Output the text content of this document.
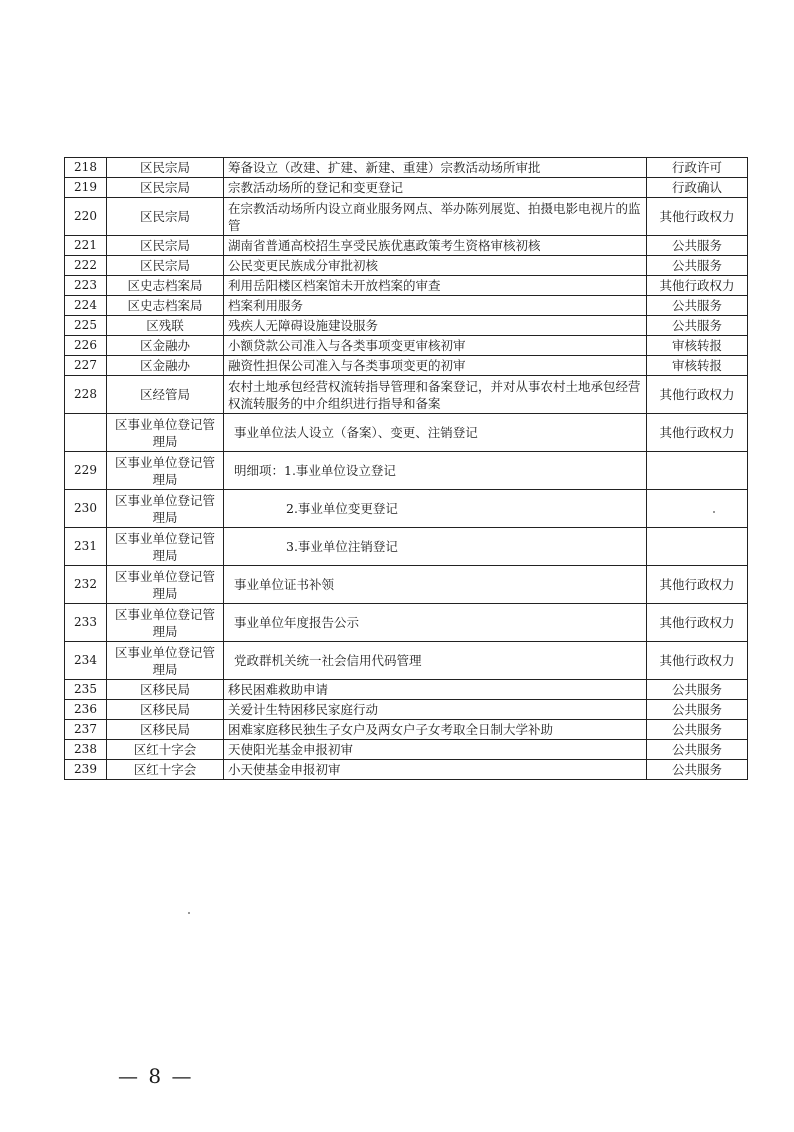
218	区民宗局	筹备设立（改建、扩建、新建、重建）宗教活动场所审批	行政许可
219	区民宗局	宗教活动场所的登记和变更登记	行政确认
220	区民宗局	在宗教活动场所内设立商业服务网点、举办陈列展览、拍摄电影电视片的监管	其他行政权力
221	区民宗局	湖南省普通高校招生享受民族优惠政策考生资格审核初核	公共服务
222	区民宗局	公民变更民族成分审批初核	公共服务
223	区史志档案局	利用岳阳楼区档案馆未开放档案的审查	其他行政权力
224	区史志档案局	档案利用服务	公共服务
225	区残联	残疾人无障碍设施建设服务	公共服务
226	区金融办	小额贷款公司准入与各类事项变更审核初审	审核转报
227	区金融办	融资性担保公司准入与各类事项变更的初审	审核转报
228	区经管局	农村土地承包经营权流转指导管理和备案登记，并对从事农村土地承包经营权流转服务的中介组织进行指导和备案	其他行政权力
	区事业单位登记管理局	事业单位法人设立（备案）、变更、注销登记	其他行政权力
229	区事业单位登记管理局	明细项：1.事业单位设立登记	
230	区事业单位登记管理局	2.事业单位变更登记	
231	区事业单位登记管理局	3.事业单位注销登记	
232	区事业单位登记管理局	事业单位证书补领	其他行政权力
233	区事业单位登记管理局	事业单位年度报告公示	其他行政权力
234	区事业单位登记管理局	党政群机关统一社会信用代码管理	其他行政权力
235	区移民局	移民困难救助申请	公共服务
236	区移民局	关爱计生特困移民家庭行动	公共服务
237	区移民局	困难家庭移民独生子女户及两女户子女考取全日制大学补助	公共服务
238	区红十字会	天使阳光基金申报初审	公共服务
239	区红十字会	小天使基金申报初审	公共服务
— 8 —
